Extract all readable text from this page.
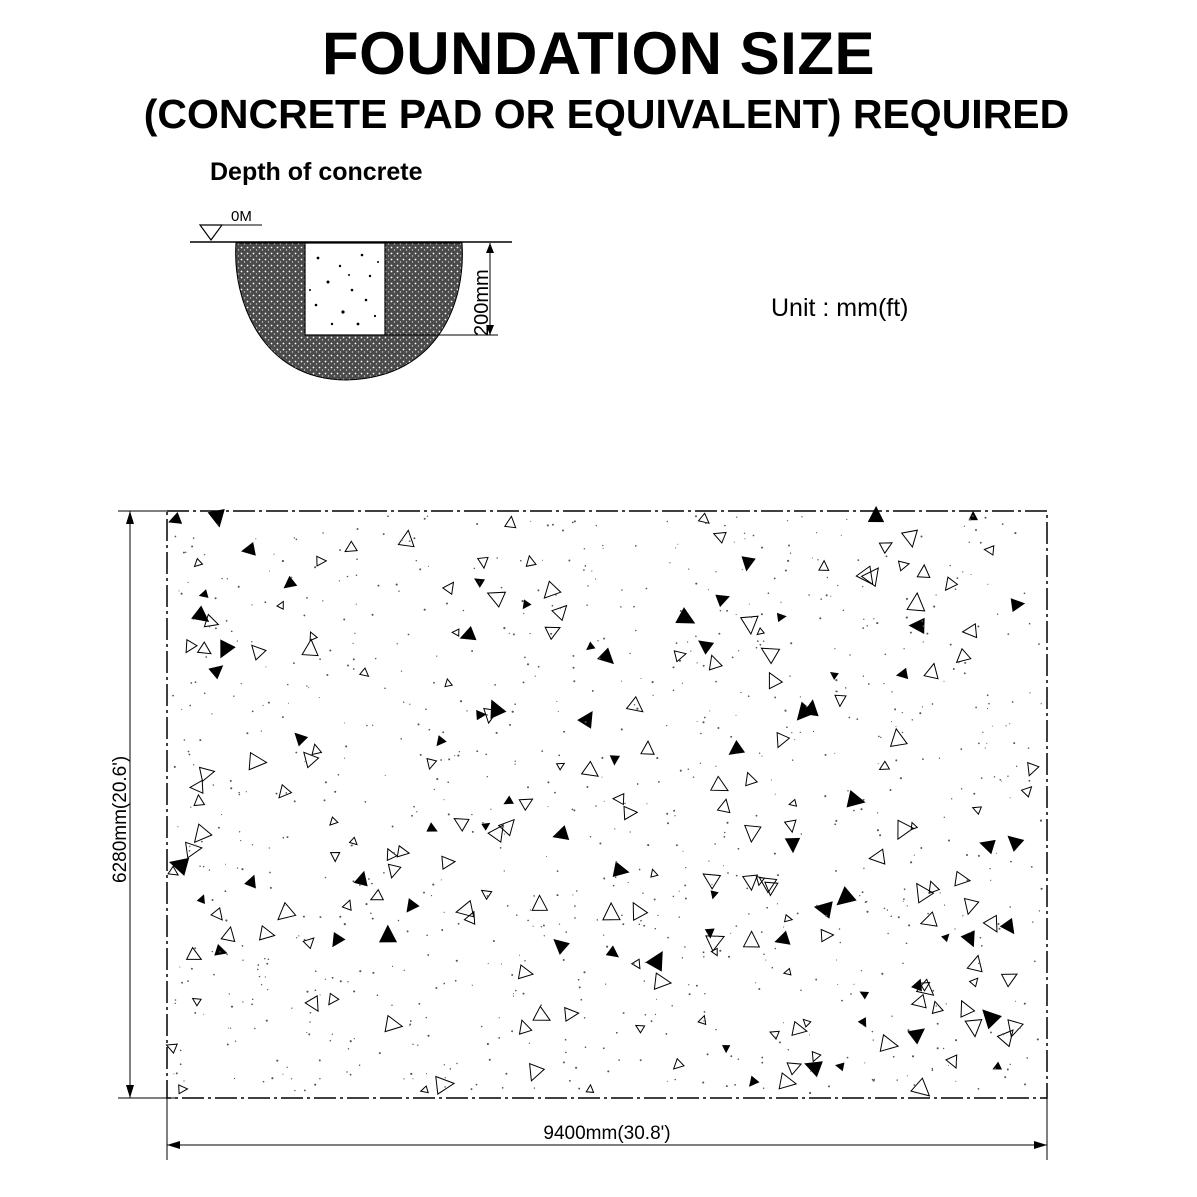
FOUNDATION SIZE
(CONCRETE PAD OR EQUIVALENT) REQUIRED
Depth of concrete
Unit : mm(ft)
0M
200mm
6280mm(20.6')
9400mm(30.8')
